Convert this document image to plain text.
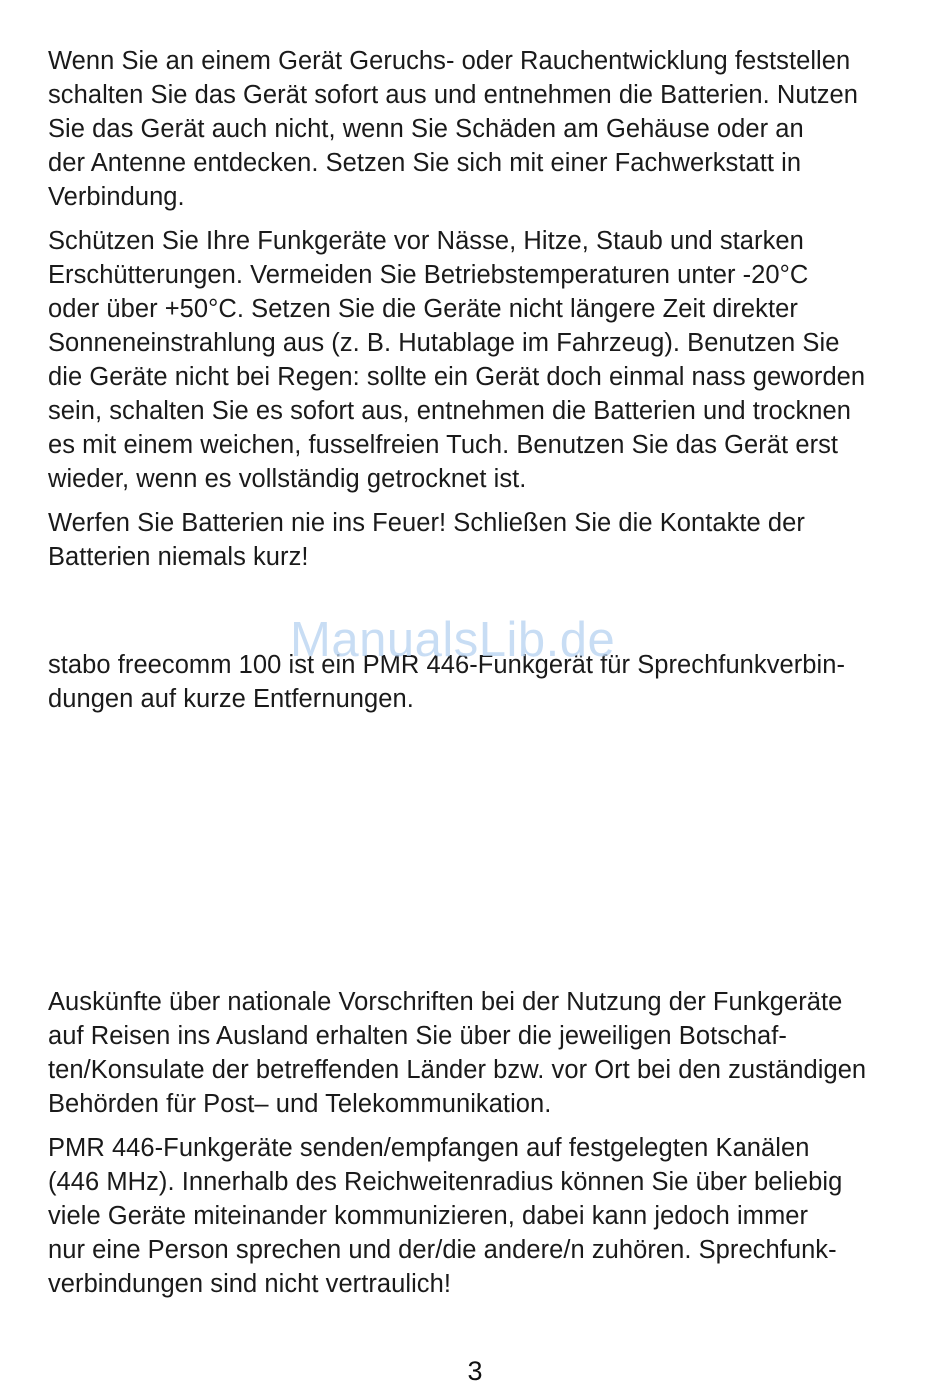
Wenn Sie an einem Gerät Geruchs- oder Rauchentwicklung feststellen
schalten Sie das Gerät sofort aus und entnehmen die Batterien. Nutzen
Sie das Gerät auch nicht, wenn Sie Schäden am Gehäuse oder an
der Antenne entdecken. Setzen Sie sich mit einer Fachwerkstatt in
Verbindung.

Schützen Sie Ihre Funkgeräte vor Nässe, Hitze, Staub und starken
Erschütterungen. Vermeiden Sie Betriebstemperaturen unter -20°C
oder über +50°C. Setzen Sie die Geräte nicht längere Zeit direkter
Sonneneinstrahlung aus (z. B. Hutablage im Fahrzeug). Benutzen Sie
die Geräte nicht bei Regen: sollte ein Gerät doch einmal nass geworden
sein, schalten Sie es sofort aus, entnehmen die Batterien und trocknen
es mit einem weichen, fusselfreien Tuch. Benutzen Sie das Gerät erst
wieder, wenn es vollständig getrocknet ist.

Werfen Sie Batterien nie ins Feuer! Schließen Sie die Kontakte der
Batterien niemals kurz!

stabo freecomm 100 ist ein PMR 446-Funkgerät für Sprechfunkverbin-
dungen auf kurze Entfernungen.

ManualsLib.de

Auskünfte über nationale Vorschriften bei der Nutzung der Funkgeräte
auf Reisen ins Ausland erhalten Sie über die jeweiligen Botschaf-
ten/Konsulate der betreffenden Länder bzw. vor Ort bei den zuständigen
Behörden für Post– und Telekommunikation.

PMR 446-Funkgeräte senden/empfangen auf festgelegten Kanälen
(446 MHz). Innerhalb des Reichweitenradius können Sie über beliebig
viele Geräte miteinander kommunizieren, dabei kann jedoch immer
nur eine Person sprechen und der/die andere/n zuhören. Sprechfunk-
verbindungen sind nicht vertraulich!

3
